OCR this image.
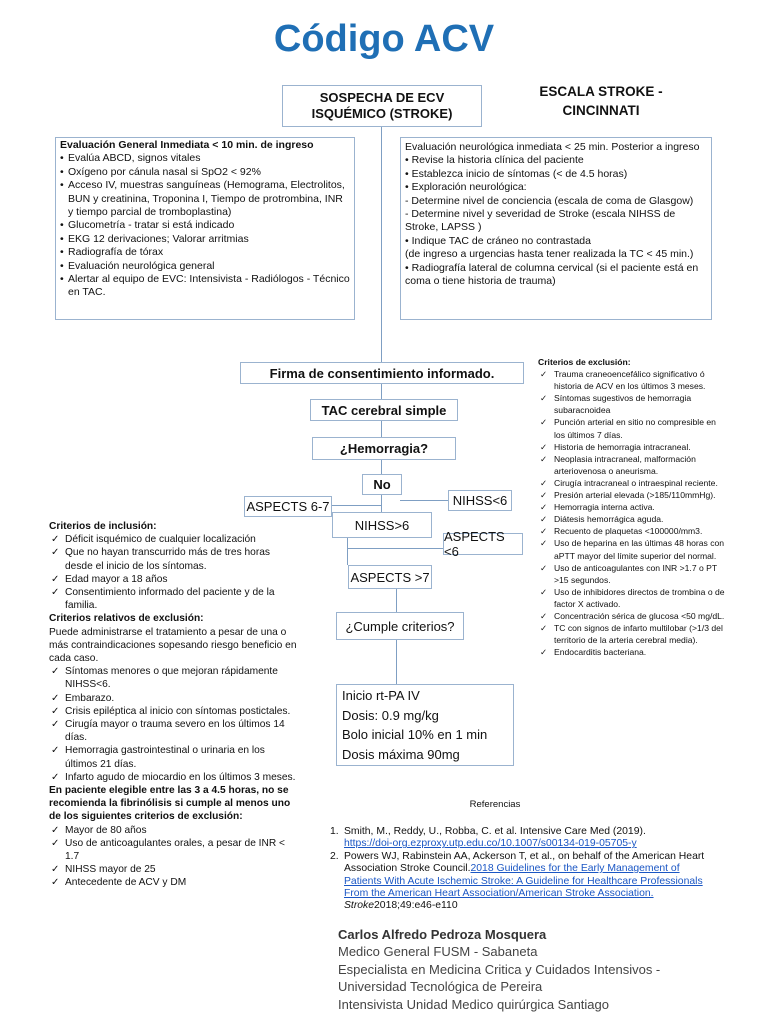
Código ACV
SOSPECHA DE ECV ISQUÉMICO (STROKE)
ESCALA STROKE - CINCINNATI
Evaluación General Inmediata < 10 min. de ingreso
• Evalúa ABCD, signos vitales
• Oxígeno por cánula nasal si SpO2 < 92%
• Acceso IV, muestras sanguíneas (Hemograma, Electrolitos, BUN y creatinina, Troponina I, Tiempo de protrombina, INR y tiempo parcial de tromboplastina)
• Glucometría - tratar si está indicado
• EKG 12 derivaciones; Valorar arritmias
• Radiografía de tórax
• Evaluación neurológica general
• Alertar al equipo de EVC: Intensivista - Radiólogos - Técnico en TAC.
Evaluación neurológica inmediata < 25 min. Posterior a ingreso
• Revise la historia clínica del paciente
• Establezca inicio de síntomas (< de 4.5 horas)
• Exploración neurológica:
- Determine nivel de conciencia (escala de coma de Glasgow)
- Determine nivel y severidad de Stroke (escala NIHSS de Stroke, LAPSS )
• Indique TAC de cráneo no contrastada
(de ingreso a urgencias hasta tener realizada la TC < 45 min.)
• Radiografía lateral de columna cervical (si el paciente está en coma o tiene historia de trauma)
Firma de consentimiento informado.
TAC cerebral simple
¿Hemorragia?
No
ASPECTS 6-7	NIHSS<6
NIHSS>6
ASPECTS <6
ASPECTS >7
¿Cumple criterios?
Inicio rt-PA IV
Dosis: 0.9 mg/kg
Bolo inicial 10% en 1 min
Dosis máxima 90mg
Criterios de inclusión:
✓ Déficit isquémico de cualquier localización
✓ Que no hayan transcurrido más de tres horas desde el inicio de los síntomas.
✓ Edad mayor a 18 años
✓ Consentimiento informado del paciente y de la familia.
Criterios relativos de exclusión:
Puede administrarse el tratamiento a pesar de una o más contraindicaciones sopesando riesgo beneficio en cada caso.
✓ Síntomas menores o que mejoran rápidamente NIHSS<6.
✓ Embarazo.
✓ Crisis epiléptica al inicio con síntomas postictales.
✓ Cirugía mayor o trauma severo en los últimos 14 días.
✓ Hemorragia gastrointestinal o urinaria en los últimos 21 días.
✓ Infarto agudo de miocardio en los últimos 3 meses.
En paciente elegible entre las 3 a 4.5 horas, no se recomienda la fibrinólisis si cumple al menos uno de los siguientes criterios de exclusión:
✓ Mayor de 80 años
✓ Uso de anticoagulantes orales, a pesar de INR < 1.7
✓ NIHSS mayor de 25
✓ Antecedente de ACV y DM
Criterios de exclusión:
✓ Trauma craneoencefálico significativo ó historia de ACV en los últimos 3 meses.
✓ Síntomas sugestivos de hemorragia subaracnoidea
✓ Punción arterial en sitio no compresible en los últimos 7 días.
✓ Historia de hemorragia intracraneal.
✓ Neoplasia intracraneal, malformación arteriovenosa o aneurisma.
✓ Cirugía intracraneal o intraespinal reciente.
✓ Presión arterial elevada (>185/110mmHg).
✓ Hemorragia interna activa.
✓ Diátesis hemorrágica aguda.
✓ Recuento de plaquetas <100000/mm3.
✓ Uso de heparina en las últimas 48 horas con aPTT mayor del límite superior del normal.
✓ Uso de anticoagulantes con INR >1.7 o PT >15 segundos.
✓ Uso de inhibidores directos de trombina o de factor X activado.
✓ Concentración sérica de glucosa <50 mg/dL.
✓ TC con signos de infarto multilobar (>1/3 del territorio de la arteria cerebral media).
✓ Endocarditis bacteriana.
Referencias
1. Smith, M., Reddy, U., Robba, C. et al. Intensive Care Med (2019).
https://doi-org.ezproxy.utp.edu.co/10.1007/s00134-019-05705-y
2. Powers WJ, Rabinstein AA, Ackerson T, et al., on behalf of the American Heart Association Stroke Council.2018 Guidelines for the Early Management of Patients With Acute Ischemic Stroke: A Guideline for Healthcare Professionals From the American Heart Association/American Stroke Association. Stroke2018;49:e46-e110
Carlos Alfredo Pedroza Mosquera
Medico General FUSM - Sabaneta
Especialista en Medicina Critica y Cuidados Intensivos - Universidad Tecnológica de Pereira
Intensivista Unidad Medico quirúrgica Santiago
